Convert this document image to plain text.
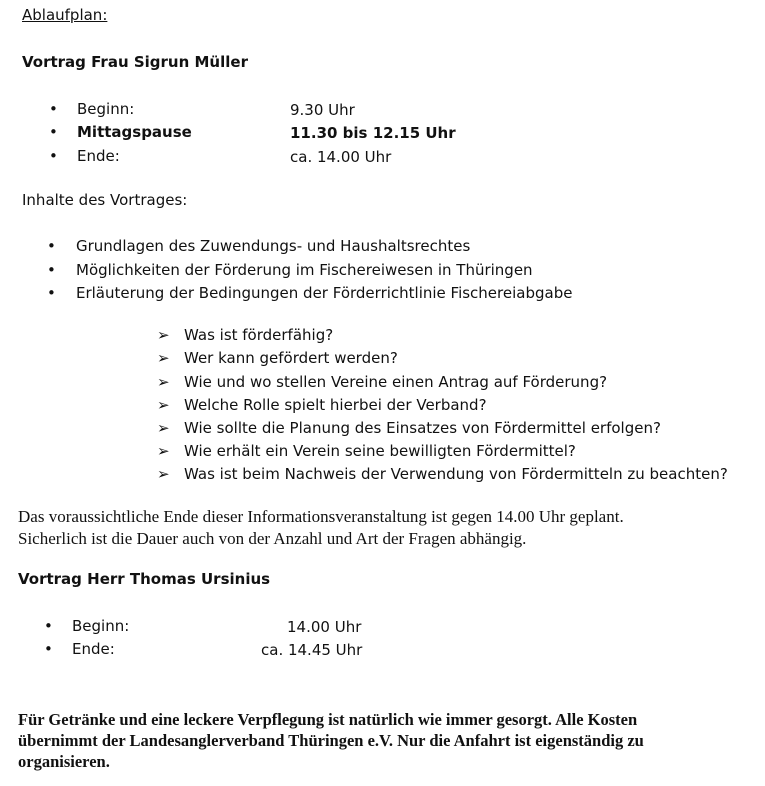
Ablaufplan:
Vortrag Frau Sigrun Müller
• Beginn:	9.30 Uhr
• Mittagspause	11.30 bis 12.15 Uhr
• Ende:	ca. 14.00 Uhr
Inhalte des Vortrages:
• Grundlagen des Zuwendungs- und Haushaltsrechtes
• Möglichkeiten der Förderung im Fischereiwesen in Thüringen
• Erläuterung der Bedingungen der Förderrichtlinie Fischereiabgabe
➢ Was ist förderfähig?
➢ Wer kann gefördert werden?
➢ Wie und wo stellen Vereine einen Antrag auf Förderung?
➢ Welche Rolle spielt hierbei der Verband?
➢ Wie sollte die Planung des Einsatzes von Fördermittel erfolgen?
➢ Wie erhält ein Verein seine bewilligten Fördermittel?
➢ Was ist beim Nachweis der Verwendung von Fördermitteln zu beachten?
Das voraussichtliche Ende dieser Informationsveranstaltung ist gegen 14.00 Uhr geplant.
Sicherlich ist die Dauer auch von der Anzahl und Art der Fragen abhängig.
Vortrag Herr Thomas Ursinius
• Beginn:	14.00 Uhr
• Ende:	ca. 14.45 Uhr
Für Getränke und eine leckere Verpflegung ist natürlich wie immer gesorgt. Alle Kosten
übernimmt der Landesanglerverband Thüringen e.V. Nur die Anfahrt ist eigenständig zu
organisieren.
